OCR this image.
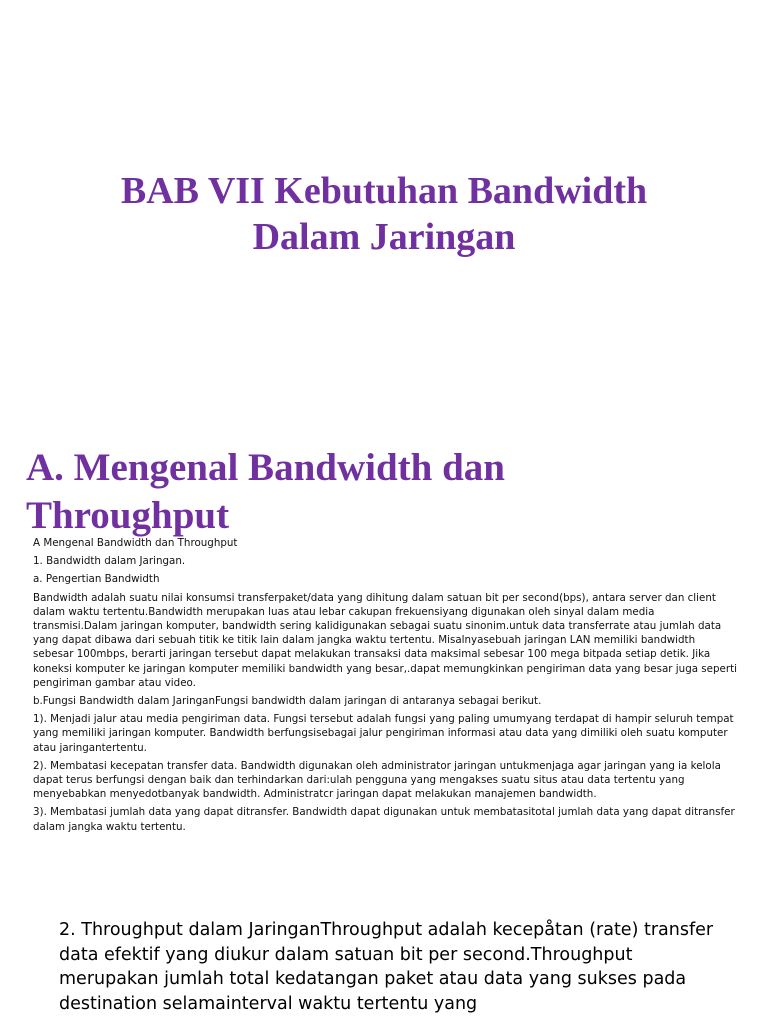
BAB VII Kebutuhan Bandwidth
Dalam Jaringan
A. Mengenal Bandwidth dan
Throughput

A Mengenal Bandwidth dan Throughput

1. Bandwidth dalam Jaringan.

a. Pengertian Bandwidth

Bandwidth adalah suatu nilai konsumsi transferpaket/data yang dihitung dalam satuan bit per second(bps), antara server dan client dalam waktu tertentu.Bandwidth merupakan luas atau lebar cakupan frekuensiyang digunakan oleh sinyal dalam media transmisi.Dalam jaringan komputer, bandwidth sering kalidigunakan sebagai suatu sinonim.untuk data transferrate atau jumlah data yang dapat dibawa dari sebuah titik ke titik lain dalam jangka waktu tertentu. Misalnyasebuah jaringan LAN memiliki bandwidth sebesar 100mbps, berarti jaringan tersebut dapat melakukan transaksi data maksimal sebesar 100 mega bitpada setiap detik. Jika koneksi komputer ke jaringan komputer memiliki bandwidth yang besar,.dapat memungkinkan pengiriman data yang besar juga seperti pengiriman gambar atau video.

b.Fungsi Bandwidth dalam JaringanFungsi bandwidth dalam jaringan di antaranya sebagai berikut.

1). Menjadi jalur atau media pengiriman data. Fungsi tersebut adalah fungsi yang paling umumyang terdapat di hampir seluruh tempat yang memiliki jaringan komputer. Bandwidth berfungsisebagai jalur pengiriman informasi atau data yang dimiliki oleh suatu komputer atau jaringantertentu.

2). Membatasi kecepatan transfer data. Bandwidth digunakan oleh administrator jaringan untukmenjaga agar jaringan yang ia kelola dapat terus berfungsi dengan baik dan terhindarkan dari:ulah pengguna yang mengakses suatu situs atau data tertentu yang menyebabkan menyedotbanyak bandwidth. Administratcr jaringan dapat melakukan manajemen bandwidth.

3). Membatasi jumlah data yang dapat ditransfer. Bandwidth dapat digunakan untuk membatasitotal jumlah data yang dapat ditransfer dalam jangka waktu tertentu.

2. Throughput dalam JaringanThroughput adalah kecepåtan (rate) transfer data efektif yang diukur dalam satuan bit per second.Throughput merupakan jumlah total kedatangan paket atau data yang sukses pada destination selamainterval waktu tertentu yang
